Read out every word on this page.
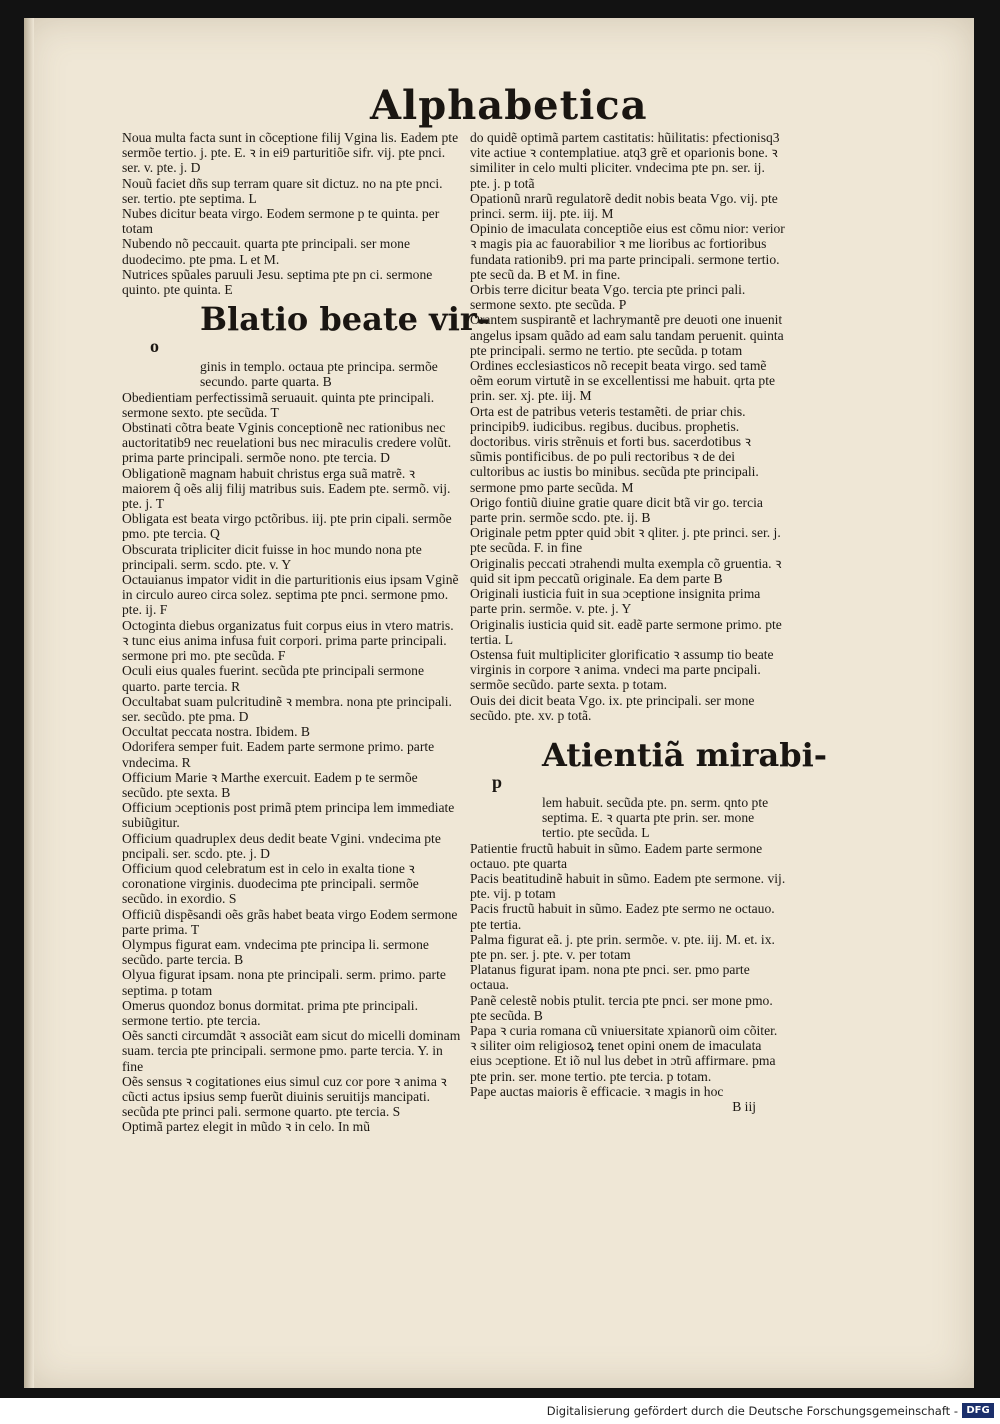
Alphabetica

Noua multa facta sunt in cõceptione filij Vgina lis. Eadem pte sermõe tertio. j. pte. E. ꝛ in ei9 parturitiõe sifr. vij. pte pnci. ser. v. pte. j. D

Nouũ faciet dñs sup terram quare sit dictuz. no na pte pnci. ser. tertio. pte septima. L

Nubes dicitur beata virgo. Eodem sermone p te quinta. per totam

Nubendo nõ peccauit. quarta pte principali. ser mone duodecimo. pte pma. L et M.

Nutrices spũales paruuli Jesu. septima pte pn ci. sermone quinto. pte quinta. E

Blatio beate vir-
o

ginis in templo. octaua pte principa. sermõe secundo. parte quarta. B

Obedientiam perfectissimã seruauit. quinta pte principali. sermone sexto. pte secũda. T

Obstinati cõtra beate Vginis conceptionẽ nec rationibus nec auctoritatib9 nec reuelationi bus nec miraculis credere volũt. prima parte principali. sermõe nono. pte tercia. D

Obligationẽ magnam habuit christus erga suã matrẽ. ꝛ maiorem q̃ oẽs alij filij matribus suis. Eadem pte. sermõ. vij. pte. j. T

Obligata est beata virgo pctõribus. iij. pte prin cipali. sermõe pmo. pte tercia. Q

Obscurata tripliciter dicit fuisse in hoc mundo nona pte principali. serm. scdo. pte. v. Y

Octauianus impator vidit in die parturitionis eius ipsam Vginẽ in circulo aureo circa solez. septima pte pnci. sermone pmo. pte. ij. F

Octoginta diebus organizatus fuit corpus eius in vtero matris. ꝛ tunc eius anima infusa fuit corpori. prima parte principali. sermone pri mo. pte secũda. F

Oculi eius quales fuerint. secũda pte principali sermone quarto. parte tercia. R

Occultabat suam pulcritudinẽ ꝛ membra. nona pte principali. ser. secũdo. pte pma. D

Occultat peccata nostra. Ibidem. B

Odorifera semper fuit. Eadem parte sermone primo. parte vndecima. R

Officium Marie ꝛ Marthe exercuit. Eadem p te sermõe secũdo. pte sexta. B

Officium ɔceptionis post primã ptem principa lem immediate subiũgitur.

Officium quadruplex deus dedit beate Vgini. vndecima pte pncipali. ser. scdo. pte. j. D

Officium quod celebratum est in celo in exalta tione ꝛ coronatione virginis. duodecima pte principali. sermõe secũdo. in exordio. S

Officiũ dispẽsandi oẽs grãs habet beata virgo Eodem sermone parte prima. T

Olympus figurat eam. vndecima pte principa li. sermone secũdo. parte tercia. B

Olyua figurat ipsam. nona pte principali. serm. primo. parte septima. p totam

Omerus quondoz bonus dormitat. prima pte principali. sermone tertio. pte tercia.

Oẽs sancti circumdãt ꝛ associãt eam sicut do micelli dominam suam. tercia pte principali. sermone pmo. parte tercia. Y. in fine

Oẽs sensus ꝛ cogitationes eius simul cuz cor pore ꝛ anima ꝛ cũcti actus ipsius semp fuerũt diuinis seruitijs mancipati. secũda pte princi pali. sermone quarto. pte tercia. S

Optimã partez elegit in mũdo ꝛ in celo. In mũ

do quidẽ optimã partem castitatis: hũilitatis: pfectionisq3 vite actiue ꝛ contemplatiue. atq3 grẽ et oparionis bone. ꝛ similiter in celo multi pliciter. vndecima pte pn. ser. ij. pte. j. p totã

Opationũ nrarũ regulatorẽ dedit nobis beata Vgo. vij. pte princi. serm. iij. pte. iij. M

Opinio de imaculata conceptiõe eius est cõmu nior: verior ꝛ magis pia ac fauorabilior ꝛ me lioribus ac fortioribus fundata rationib9. pri ma parte principali. sermone tertio. pte secũ da. B et M. in fine.

Orbis terre dicitur beata Vgo. tercia pte princi pali. sermone sexto. pte secũda. P

Orantem suspirantẽ et lachrymantẽ pre deuoti one inuenit angelus ipsam quãdo ad eam salu tandam peruenit. quinta pte principali. sermo ne tertio. pte secũda. p totam

Ordines ecclesiasticos nõ recepit beata virgo. sed tamẽ oẽm eorum virtutẽ in se excellentissi me habuit. qrta pte prin. ser. xj. pte. iij. M

Orta est de patribus veteris testamẽti. de priar chis. principib9. iudicibus. regibus. ducibus. prophetis. doctoribus. viris strẽnuis et forti bus. sacerdotibus ꝛ sũmis pontificibus. de po puli rectoribus ꝛ de dei cultoribus ac iustis bo minibus. secũda pte principali. sermone pmo parte secũda. M

Origo fontiũ diuine gratie quare dicit btã vir go. tercia parte prin. sermõe scdo. pte. ij. B

Originale petm ppter quid ɔbit ꝛ qliter. j. pte princi. ser. j. pte secũda. F. in fine

Originalis peccati ɔtrahendi multa exempla cõ gruentia. ꝛ quid sit ipm peccatũ originale. Ea dem parte B

Originali iusticia fuit in sua ɔceptione insignita prima parte prin. sermõe. v. pte. j. Y

Originalis iusticia quid sit. eadẽ parte sermone primo. pte tertia. L

Ostensa fuit multipliciter glorificatio ꝛ assump tio beate virginis in corpore ꝛ anima. vndeci ma parte pncipali. sermõe secũdo. parte sexta. p totam.

Ouis dei dicit beata Vgo. ix. pte principali. ser mone secũdo. pte. xv. p totã.

Atientiã mirabi-
p

lem habuit. secũda pte. pn. serm. qnto pte septima. E. ꝛ quarta pte prin. ser. mone tertio. pte secũda. L

Patientie fructũ habuit in sũmo. Eadem parte sermone octauo. pte quarta

Pacis beatitudinẽ habuit in sũmo. Eadem pte sermone. vij. pte. vij. p totam

Pacis fructũ habuit in sũmo. Eadez pte sermo ne octauo. pte tertia.

Palma figurat eã. j. pte prin. sermõe. v. pte. iij. M. et. ix. pte pn. ser. j. pte. v. per totam

Platanus figurat ipam. nona pte pnci. ser. pmo parte octaua.

Panẽ celestẽ nobis ptulit. tercia pte pnci. ser mone pmo. pte secũda. B

Papa ꝛ curia romana cũ vniuersitate xpianorũ oim cõiter. ꝛ siliter oim religiosoꝝ tenet opini onem de imaculata eius ɔceptione. Et iõ nul lus debet in ɔtrũ affirmare. pma pte prin. ser. mone tertio. pte tercia. p totam.

Pape auctas maioris ẽ efficacie. ꝛ magis in hoc

B iij

Digitalisierung gefördert durch die Deutsche Forschungsgemeinschaft - DFG
